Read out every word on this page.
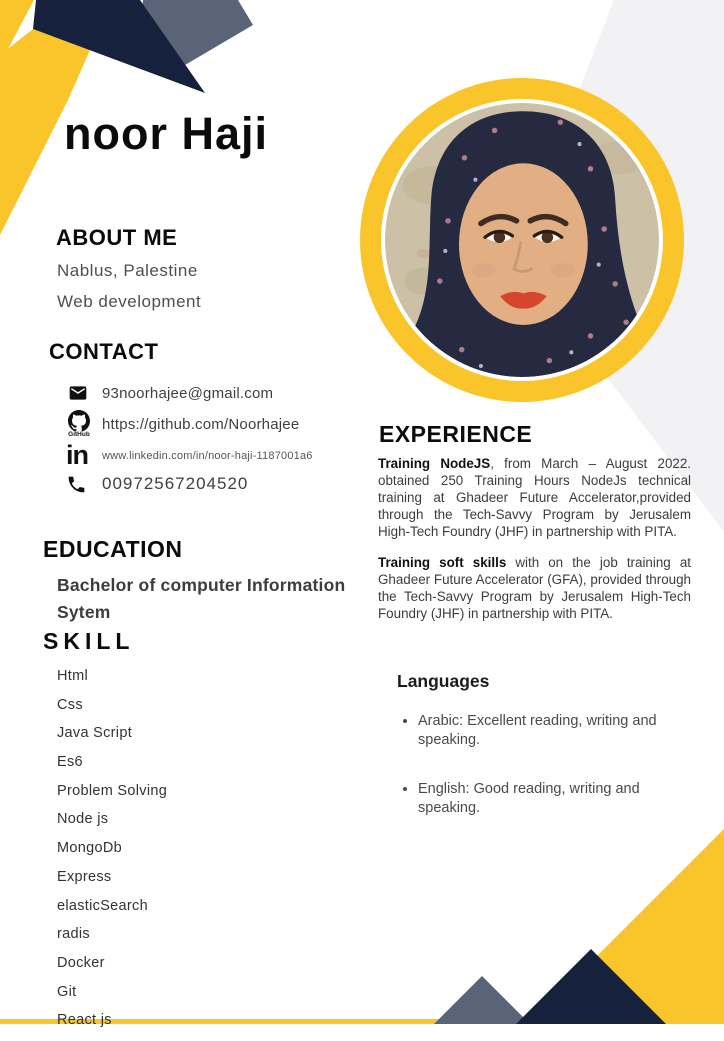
noor Haji
ABOUT ME
Nablus, Palestine
Web development
CONTACT
93noorhajee@gmail.com
GitHub
https://github.com/Noorhajee
in www.linkedin.com/in/noor-haji-1187001a6
00972567204520
EDUCATION
Bachelor of computer Information Sytem
SKILL
Html
Css
Java Script
Es6
Problem Solving
Node js
MongoDb
Express
elasticSearch
radis
Docker
Git
React js
EXPERIENCE

Training NodeJS, from March – August 2022. obtained 250 Training Hours NodeJs technical training at Ghadeer Future Accelerator,provided through the Tech-Savvy Program by Jerusalem High-Tech Foundry (JHF) in partnership with PITA.

Training soft skills with on the job training at Ghadeer Future Accelerator (GFA), provided through the Tech-Savvy Program by Jerusalem High-Tech Foundry (JHF) in partnership with PITA.

Languages
• Arabic: Excellent reading, writing and speaking.
• English: Good reading, writing and speaking.
